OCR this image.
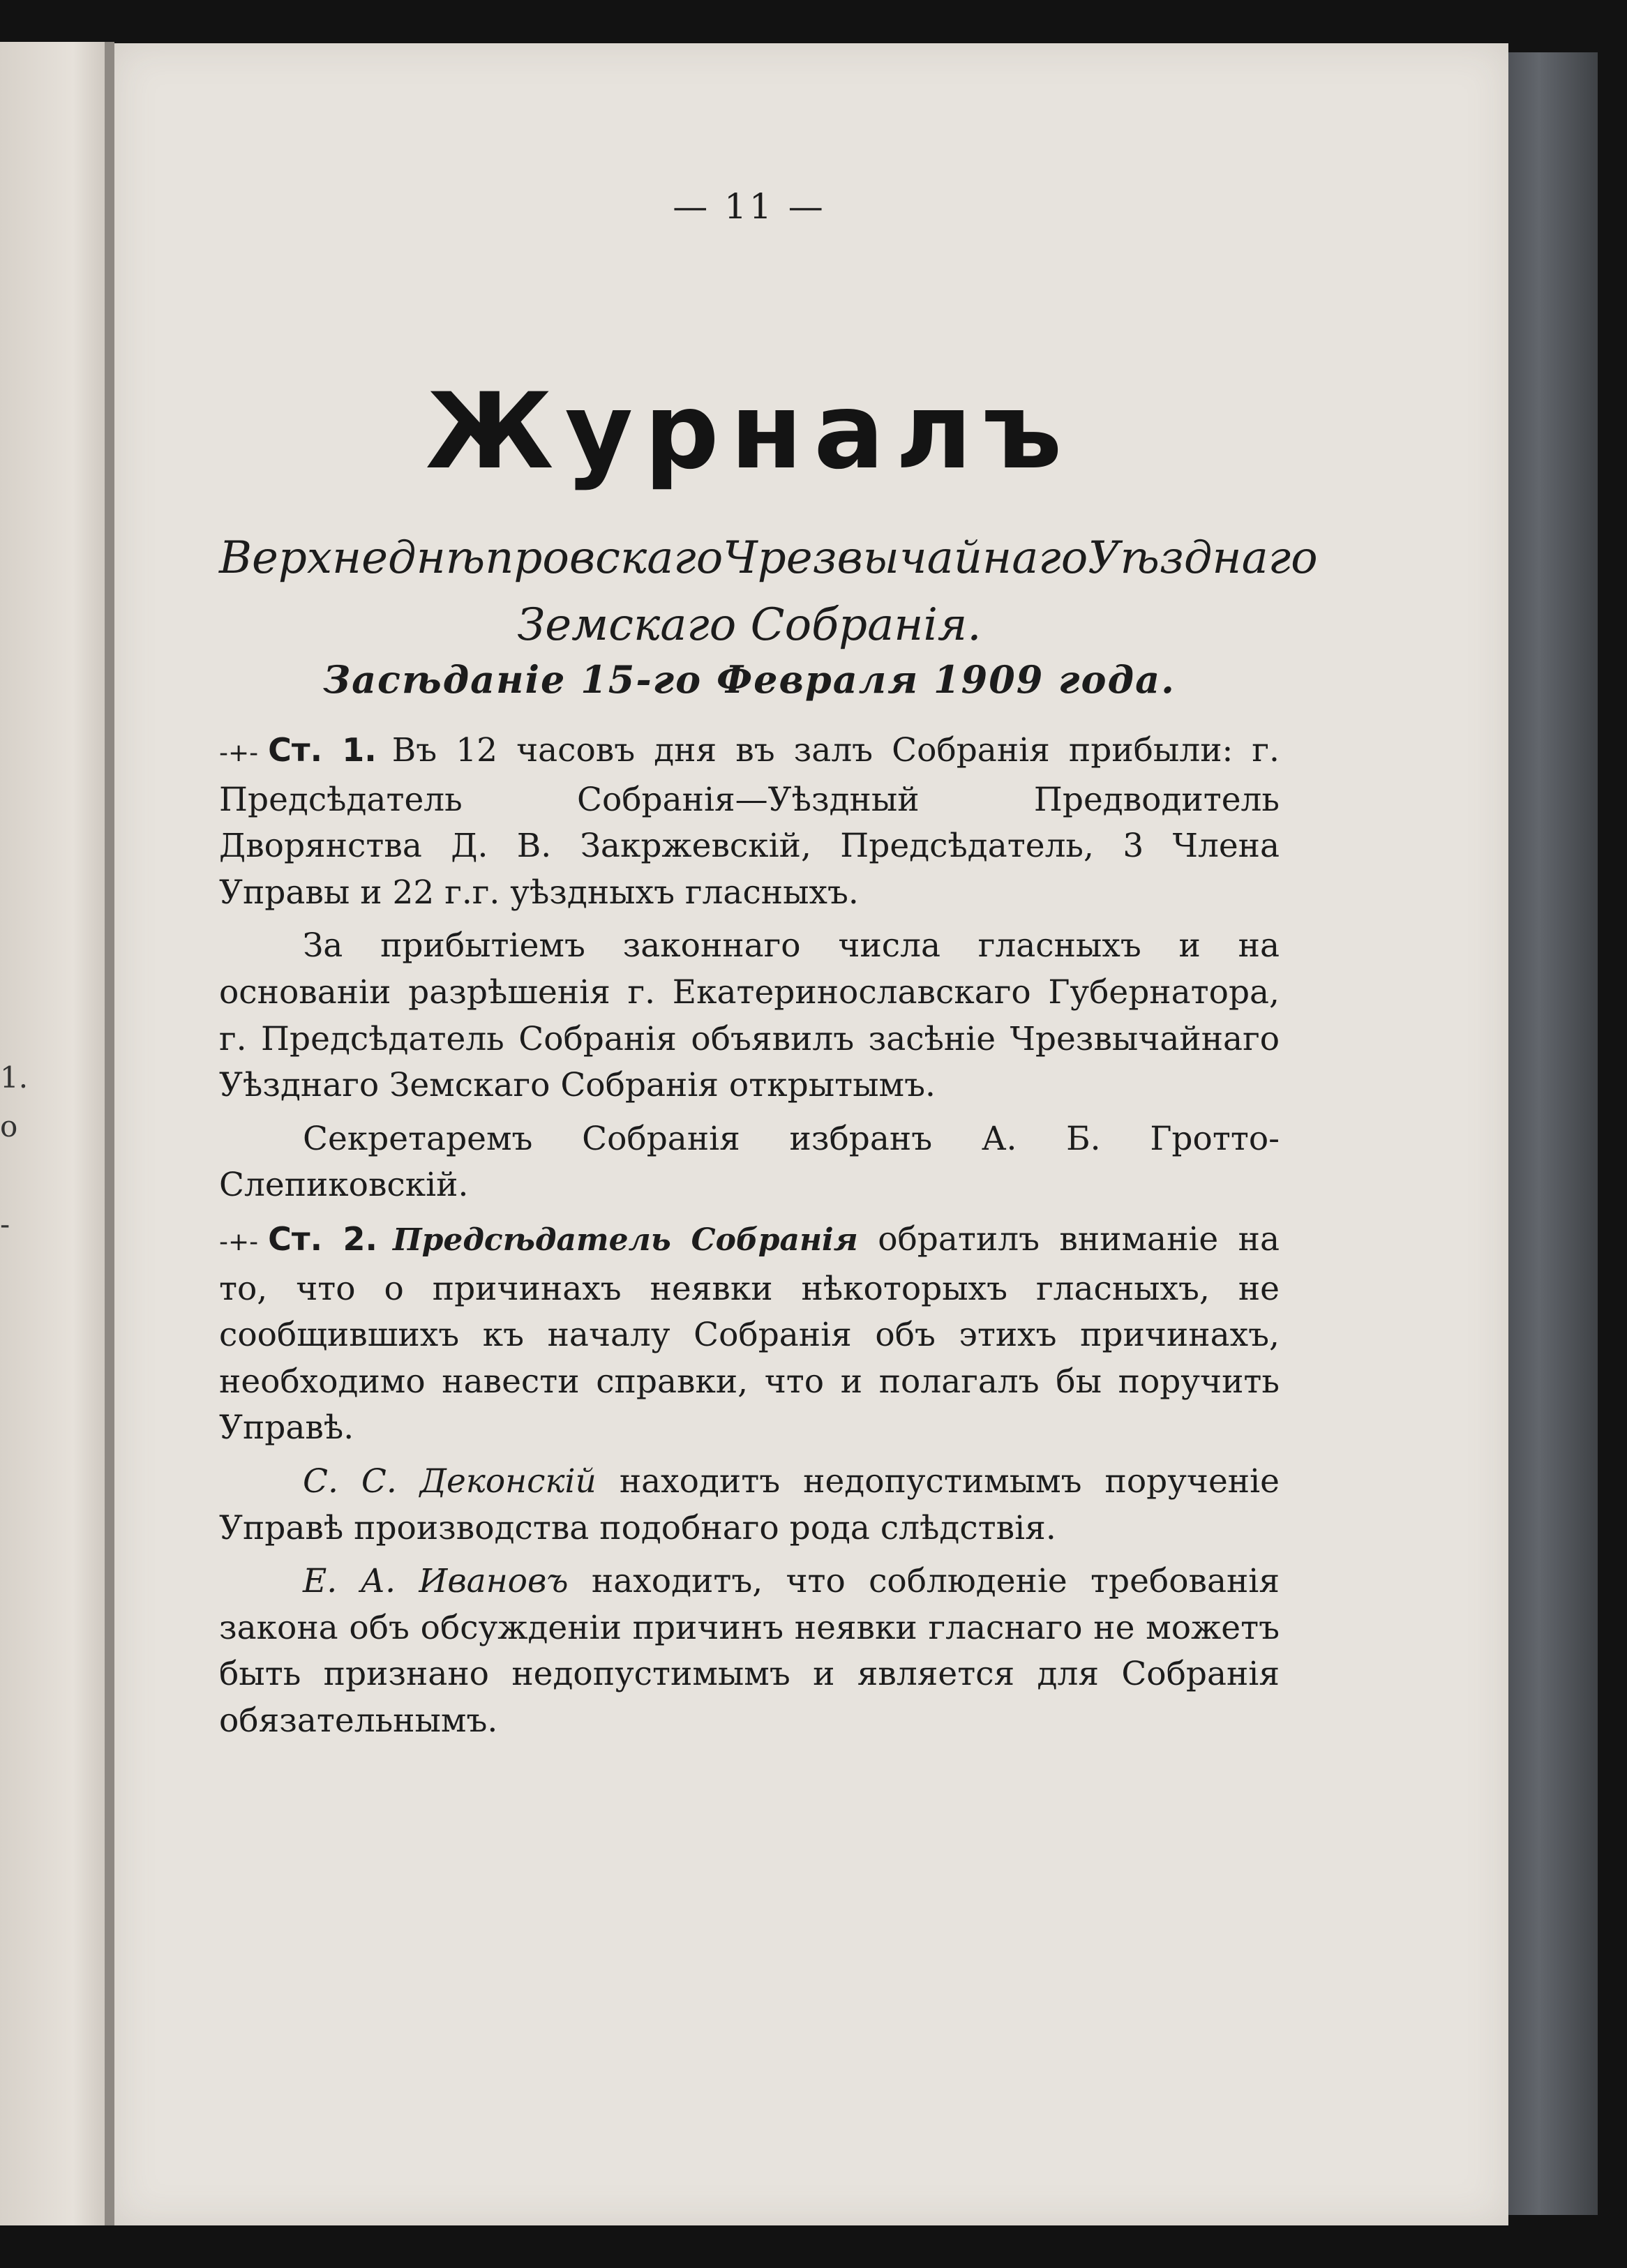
1.
o
-
— 11 —
Журналъ
Верхнеднѣпровскаго Чрезвычайнаго Уѣзднаго
Земскаго Собранія.
Засѣданіе 15-го Февраля 1909 года.

-+- Ст. 1. Въ 12 часовъ дня въ залъ Собранія прибыли: г. Предсѣдатель Собранія—Уѣздный Предводитель Дворянства Д. В. Закржевскій, Предсѣдатель, 3 Члена Управы и 22 г.г. уѣздныхъ гласныхъ.

За прибытіемъ законнаго числа гласныхъ и на основаніи разрѣшенія г. Екатеринославскаго Губернатора, г. Предсѣдатель Собранія объявилъ засѣніе Чрезвычайнаго Уѣзднаго Земскаго Собранія открытымъ.

Секретаремъ Собранія избранъ А. Б. Гротто-Слепиковскій.

-+- Ст. 2. Предсѣдатель Собранія обратилъ вниманіе на то, что о причинахъ неявки нѣкоторыхъ гласныхъ, не сообщившихъ къ началу Собранія объ этихъ причинахъ, необходимо навести справки, что и полагалъ бы поручить Управѣ.

С. С. Деконскій находитъ недопустимымъ порученіе Управѣ производства подобнаго рода слѣдствія.

Е. А. Ивановъ находитъ, что соблюденіе требованія закона объ обсужденіи причинъ неявки гласнаго не можетъ быть признано недопустимымъ и является для Собранія обязательнымъ.
